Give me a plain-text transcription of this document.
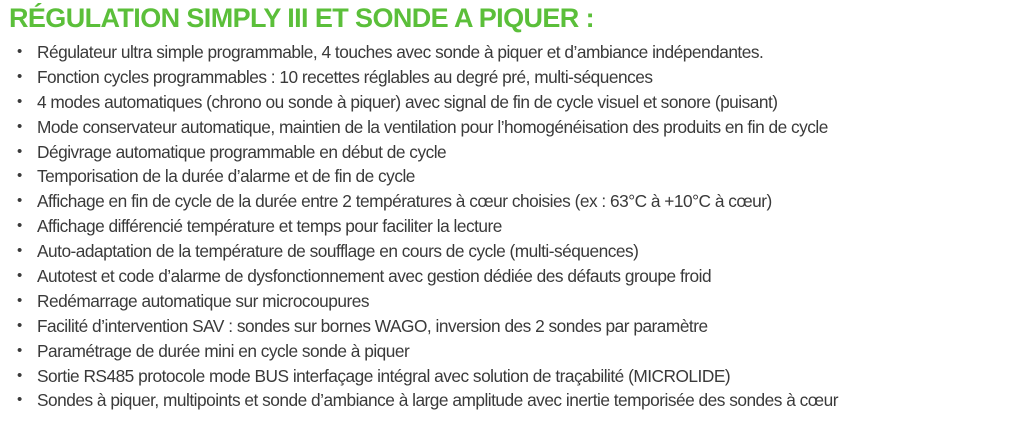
RÉGULATION SIMPLY III ET SONDE A PIQUER :
• Régulateur ultra simple programmable, 4 touches avec sonde à piquer et d’ambiance indépendantes.
• Fonction cycles programmables : 10 recettes réglables au degré pré, multi-séquences
• 4 modes automatiques (chrono ou sonde à piquer) avec signal de fin de cycle visuel et sonore (puisant)
• Mode conservateur automatique, maintien de la ventilation pour l’homogénéisation des produits en fin de cycle
• Dégivrage automatique programmable en début de cycle
• Temporisation de la durée d’alarme et de fin de cycle
• Affichage en fin de cycle de la durée entre 2 températures à cœur choisies (ex : 63°C à +10°C à cœur)
• Affichage différencié température et temps pour faciliter la lecture
• Auto-adaptation de la température de soufflage en cours de cycle (multi-séquences)
• Autotest et code d’alarme de dysfonctionnement avec gestion dédiée des défauts groupe froid
• Redémarrage automatique sur microcoupures
• Facilité d’intervention SAV : sondes sur bornes WAGO, inversion des 2 sondes par paramètre
• Paramétrage de durée mini en cycle sonde à piquer
• Sortie RS485 protocole mode BUS interfaçage intégral avec solution de traçabilité (MICROLIDE)
• Sondes à piquer, multipoints et sonde d’ambiance à large amplitude avec inertie temporisée des sondes à cœur
